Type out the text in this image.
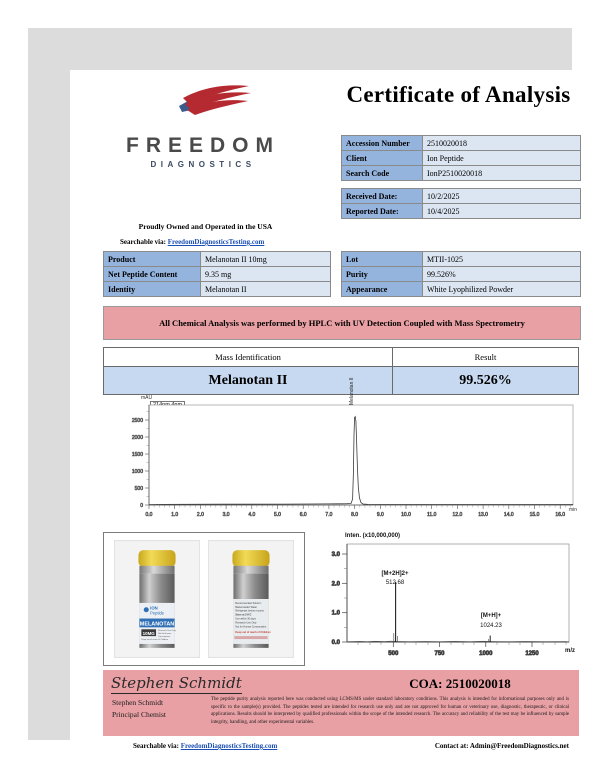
FREEDOM
DIAGNOSTICS
Certificate of Analysis
Accession Number	2510020018
Client	Ion Peptide
Search Code	IonP2510020018
Received Date:	10/2/2025
Reported Date:	10/4/2025
Proudly Owned and Operated in the USA
Searchable via: FreedomDiagnosticsTesting.com
Product	Melanotan II 10mg
Net Peptide Content	9.35 mg
Identity	Melanotan II
Lot	MTII-1025
Purity	99.526%
Appearance	White Lyophilized Powder
All Chemical Analysis was performed by HPLC with UV Detection Coupled with Mass Spectrometry
Mass Identification	Result
Melanotan II	99.526%
mAU
0
500
1000
1500
2000
2500
0.0	1.0	2.0	3.0	4.0	5.0	6.0	7.0	8.0	9.0	10.0	11.0	12.0	13.0	14.0	15.0	16.0
Melanotan II
min
ION
Peptide
MELANOTAN
10MG Research Use Only
Not for Human
Consumption
Keep out of reach of Children
Recommended Solvent:
Bacteriostatic Water
Refrigerate before reconst.
Store at 2-8°C
Use within 30 days
Research Use Only
Not for Human Consumption
Keep out of reach of Children
Inten. (x10,000,000)
0.0
1.0
2.0
3.0
500	750	1000	1250
[M+2H]2+
512.68
[M+H]+
1024.23
m/z
Stephen Schmidt
Stephen Schmidt
Principal Chemist
COA: 2510020018
The peptide purity analysis reported here was conducted using LCMS/MS under standard laboratory conditions. This analysis is intended for informational purposes only and is specific to the sample(s) provided. The peptides tested are intended for research use only and are not approved for human or veterinary use, diagnostic, therapeutic, or clinical applications. Results should be interpreted by qualified professionals within the scope of the intended research. The accuracy and reliability of the test may be influenced by sample integrity, handling, and other experimental variables.
Searchable via: FreedomDiagnosticsTesting.com	Contact at: Admin@FreedomDiagnostics.net
